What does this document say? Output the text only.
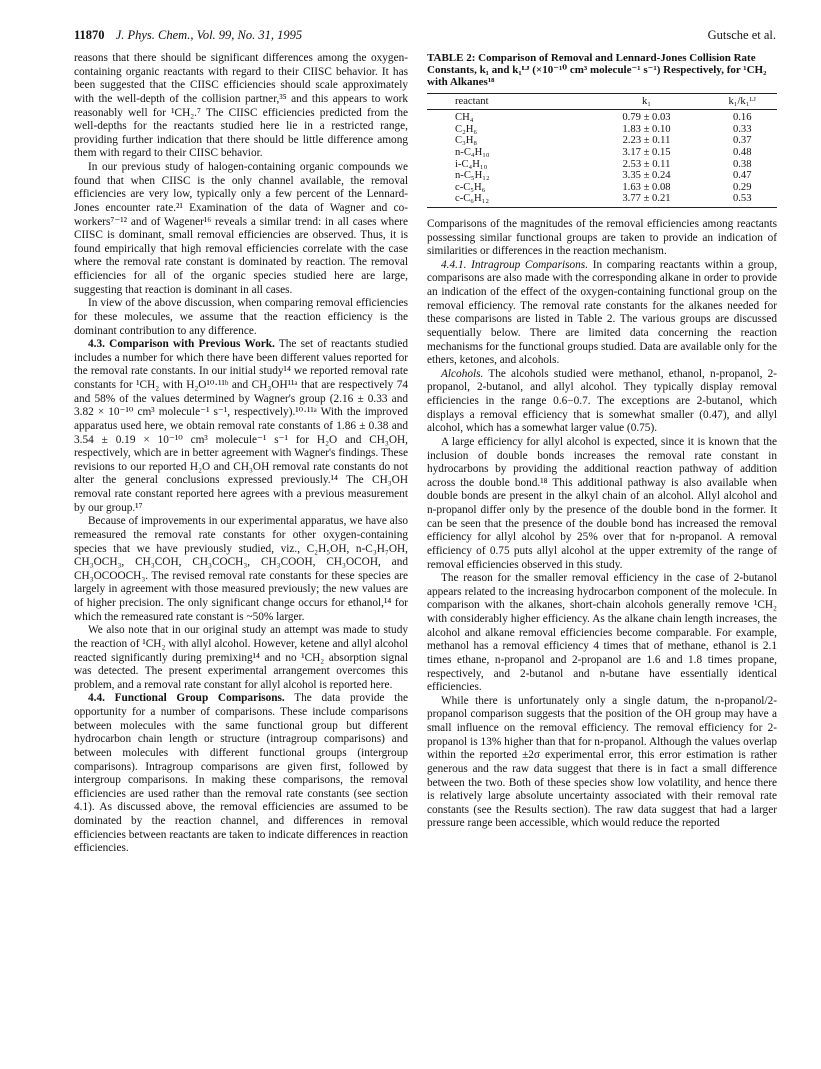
11870 J. Phys. Chem., Vol. 99, No. 31, 1995	Gutsche et al.

reasons that there should be significant differences among the oxygen-containing organic reactants with regard to their CIISC behavior. It has been suggested that the CIISC efficiencies should scale approximately with the well-depth of the collision partner,³⁵ and this appears to work reasonably well for ¹CH₂.⁷ The CIISC efficiencies predicted from the well-depths for the reactants studied here lie in a restricted range, providing further indication that there should be little difference among them with regard to their CIISC behavior.

In our previous study of halogen-containing organic compounds we found that when CIISC is the only channel available, the removal efficiencies are very low, typically only a few percent of the Lennard-Jones encounter rate.²¹ Examination of the data of Wagner and co-workers⁷⁻¹² and of Wagener¹⁶ reveals a similar trend: in all cases where CIISC is dominant, small removal efficiencies are observed. Thus, it is found empirically that high removal efficiencies correlate with the case where the removal rate constant is dominated by reaction. The removal efficiencies for all of the organic species studied here are large, suggesting that reaction is dominant in all cases.

In view of the above discussion, when comparing removal efficiencies for these molecules, we assume that the reaction efficiency is the dominant contribution to any difference.

4.3. Comparison with Previous Work. The set of reactants studied includes a number for which there have been different values reported for the removal rate constants. In our initial study¹⁴ we reported removal rate constants for ¹CH₂ with H₂O¹⁰·¹¹ᵇ and CH₃OH¹¹ᵃ that are respectively 74 and 58% of the values determined by Wagner's group (2.16 ± 0.33 and 3.82 × 10⁻¹⁰ cm³ molecule⁻¹ s⁻¹, respectively).¹⁰·¹¹ᵃ With the improved apparatus used here, we obtain removal rate constants of 1.86 ± 0.38 and 3.54 ± 0.19 × 10⁻¹⁰ cm³ molecule⁻¹ s⁻¹ for H₂O and CH₃OH, respectively, which are in better agreement with Wagner's findings. These revisions to our reported H₂O and CH₃OH removal rate constants do not alter the general conclusions expressed previously.¹⁴ The CH₃OH removal rate constant reported here agrees with a previous measurement by our group.¹⁷

Because of improvements in our experimental apparatus, we have also remeasured the removal rate constants for other oxygen-containing species that we have previously studied, viz., C₂H₅OH, n-C₃H₇OH, CH₃OCH₃, CH₃COH, CH₃COCH₃, CH₃COOH, CH₃OCOH, and CH₃OCOOCH₃. The revised removal rate constants for these species are largely in agreement with those measured previously; the new values are of higher precision. The only significant change occurs for ethanol,¹⁴ for which the remeasured rate constant is ~50% larger.

We also note that in our original study an attempt was made to study the reaction of ¹CH₂ with allyl alcohol. However, ketene and allyl alcohol reacted significantly during premixing¹⁴ and no ¹CH₂ absorption signal was detected. The present experimental arrangement overcomes this problem, and a removal rate constant for allyl alcohol is reported here.

4.4. Functional Group Comparisons. The data provide the opportunity for a number of comparisons. These include comparisons between molecules with the same functional group but different hydrocarbon chain length or structure (intragroup comparisons) and between molecules with different functional groups (intergroup comparisons). Intragroup comparisons are given first, followed by intergroup comparisons. In making these comparisons, the removal efficiencies are used rather than the removal rate constants (see section 4.1). As discussed above, the removal efficiencies are assumed to be dominated by the reaction channel, and differences in removal efficiencies between reactants are taken to indicate differences in reaction efficiencies.

TABLE 2: Comparison of Removal and Lennard-Jones Collision Rate Constants, k₁ and k₁ᴸᴶ (×10⁻¹⁰ cm³ molecule⁻¹ s⁻¹) Respectively, for ¹CH₂ with Alkanes¹⁸
reactant	k₁	k₁/k₁ᴸᴶ
CH₄	0.79 ± 0.03	0.16
C₂H₆	1.83 ± 0.10	0.33
C₃H₈	2.23 ± 0.11	0.37
n-C₄H₁₀	3.17 ± 0.15	0.48
i-C₄H₁₀	2.53 ± 0.11	0.38
n-C₅H₁₂	3.35 ± 0.24	0.47
c-C₅H₆	1.63 ± 0.08	0.29
c-C₆H₁₂	3.77 ± 0.21	0.53

Comparisons of the magnitudes of the removal efficiencies among reactants possessing similar functional groups are taken to provide an indication of similarities or differences in the reaction mechanism.

4.4.1. Intragroup Comparisons. In comparing reactants within a group, comparisons are also made with the corresponding alkane in order to provide an indication of the effect of the oxygen-containing functional group on the removal efficiency. The removal rate constants for the alkanes needed for these comparisons are listed in Table 2. The various groups are discussed sequentially below. There are limited data concerning the reaction mechanisms for the functional groups studied. Data are available only for the ethers, ketones, and alcohols.

Alcohols. The alcohols studied were methanol, ethanol, n-propanol, 2-propanol, 2-butanol, and allyl alcohol. They typically display removal efficiencies in the range 0.6−0.7. The exceptions are 2-butanol, which displays a removal efficiency that is somewhat smaller (0.47), and allyl alcohol, which has a somewhat larger value (0.75).

A large efficiency for allyl alcohol is expected, since it is known that the inclusion of double bonds increases the removal rate constant in hydrocarbons by providing the additional reaction pathway of addition across the double bond.¹⁸ This additional pathway is also available when double bonds are present in the alkyl chain of an alcohol. Allyl alcohol and n-propanol differ only by the presence of the double bond in the former. It can be seen that the presence of the double bond has increased the removal efficiency for allyl alcohol by 25% over that for n-propanol. A removal efficiency of 0.75 puts allyl alcohol at the upper extremity of the range of removal efficiencies observed in this study.

The reason for the smaller removal efficiency in the case of 2-butanol appears related to the increasing hydrocarbon component of the molecule. In comparison with the alkanes, short-chain alcohols generally remove ¹CH₂ with considerably higher efficiency. As the alkane chain length increases, the alcohol and alkane removal efficiencies become comparable. For example, methanol has a removal efficiency 4 times that of methane, ethanol is 2.1 times ethane, n-propanol and 2-propanol are 1.6 and 1.8 times propane, respectively, and 2-butanol and n-butane have essentially identical efficiencies.

While there is unfortunately only a single datum, the n-propanol/2-propanol comparison suggests that the position of the OH group may have a small influence on the removal efficiency. The removal efficiency for 2-propanol is 13% higher than that for n-propanol. Although the values overlap within the reported ±2σ experimental error, this error estimation is rather generous and the raw data suggest that there is in fact a small difference between the two. Both of these species show low volatility, and hence there is relatively large absolute uncertainty associated with their removal rate constants (see the Results section). The raw data suggest that had a larger pressure range been accessible, which would reduce the reported
